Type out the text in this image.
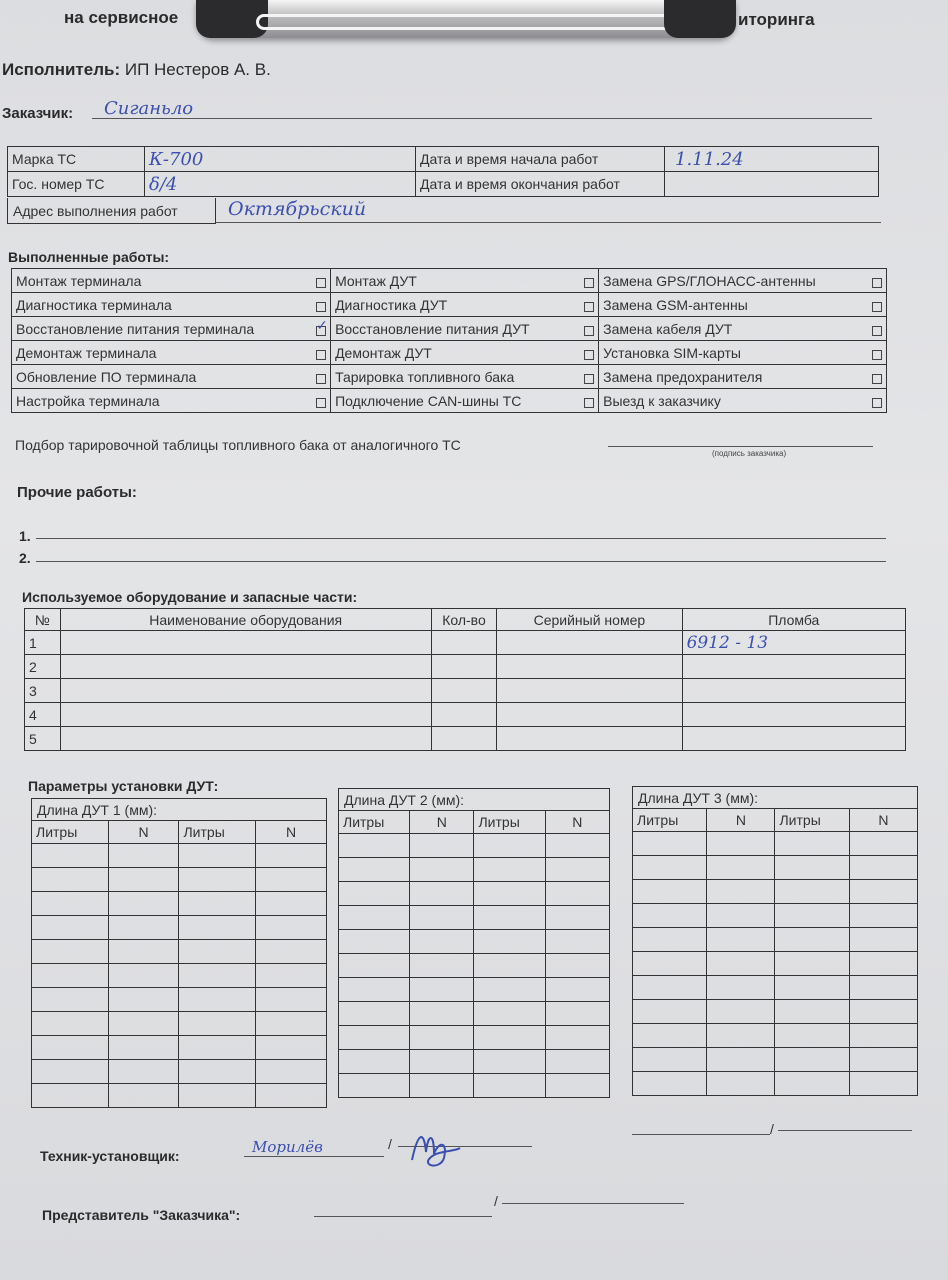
на сервисное	иторинга
Исполнитель: ИП Нестеров А. В.
Заказчик: Сиганьло
Марка ТС	К-700	Дата и время начала работ	1.11.24
Гос. номер ТС	δ/4	Дата и время окончания работ	
Адрес выполнения работ	Октябрьский
Выполненные работы:
Монтаж терминала	Монтаж ДУТ	Замена GPS/ГЛОНАСС-антенны

Диагностика терминала	Диагностика ДУТ	Замена GSM-антенны

✓
Восстановление питания терминала	Восстановление питания ДУТ	Замена кабеля ДУТ

Демонтаж терминала	Демонтаж ДУТ	Установка SIM-карты

Обновление ПО терминала	Тарировка топливного бака	Замена предохранителя

Настройка терминала	Подключение CAN-шины ТС	Выезд к заказчику
Подбор тарировочной таблицы топливного бака от аналогичного ТС
(подпись заказчика)
Прочие работы:
1.
2.
Используемое оборудование и запасные части:
№	Наименование оборудования	Кол-во	Серийный номер	Пломба
1				6912 - 13
2				
3				
4				
5				
Параметры установки ДУТ:
Длина ДУТ 1 (мм):
Литры	N	Литры	N

Длина ДУТ 2 (мм):
Литры	N	Литры	N

Длина ДУТ 3 (мм):
Литры	N	Литры	N

Техник-установщик:	Морилёв	/
/
Представитель "Заказчика":
/
